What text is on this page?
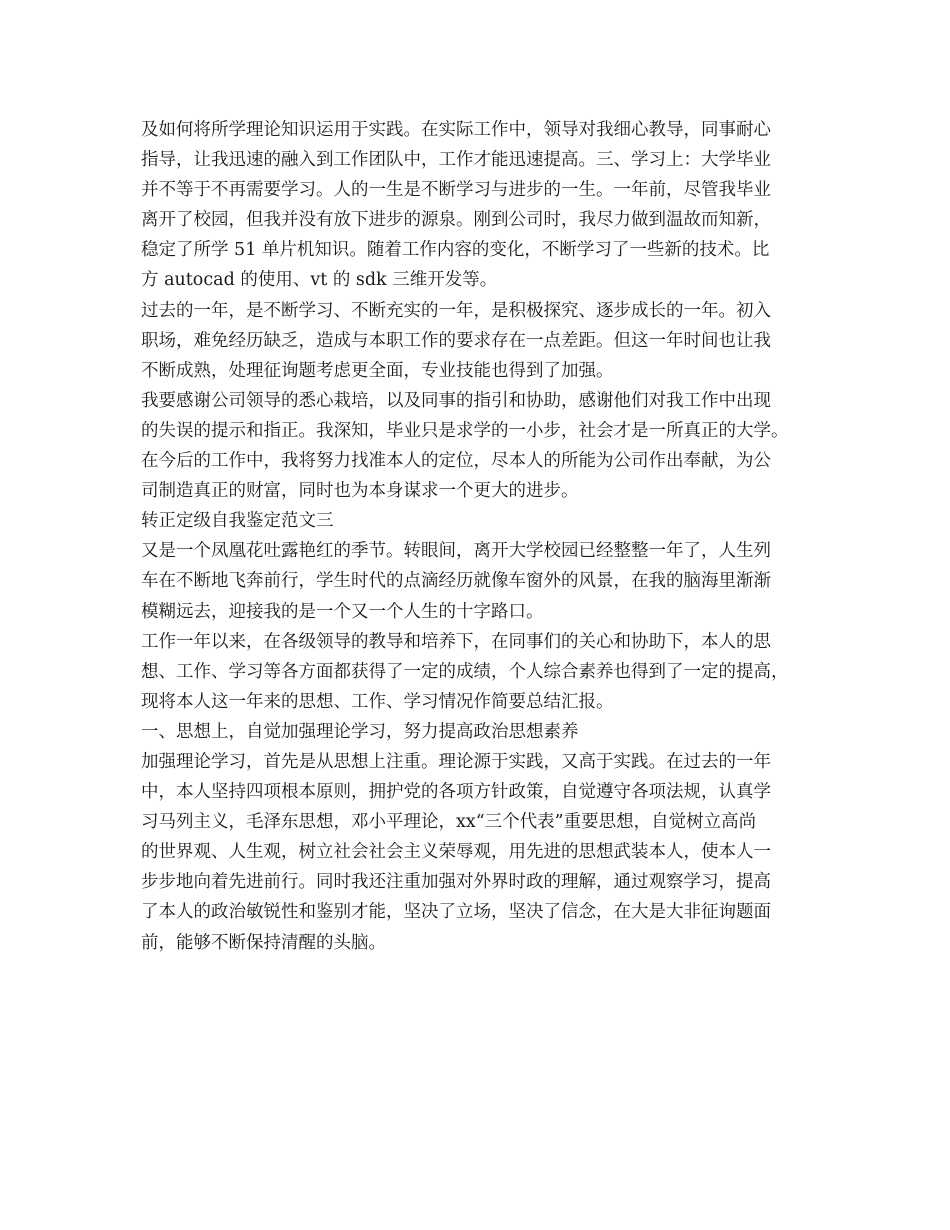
及如何将所学理论知识运用于实践。在实际工作中，领导对我细心教导，同事耐心
指导，让我迅速的融入到工作团队中，工作才能迅速提高。三、学习上：大学毕业
并不等于不再需要学习。人的一生是不断学习与进步的一生。一年前，尽管我毕业
离开了校园，但我并没有放下进步的源泉。刚到公司时，我尽力做到温故而知新，
稳定了所学 51 单片机知识。随着工作内容的变化，不断学习了一些新的技术。比
方 autocad 的使用、vt 的 sdk 三维开发等。

过去的一年，是不断学习、不断充实的一年，是积极探究、逐步成长的一年。初入
职场，难免经历缺乏，造成与本职工作的要求存在一点差距。但这一年时间也让我
不断成熟，处理征询题考虑更全面，专业技能也得到了加强。

我要感谢公司领导的悉心栽培，以及同事的指引和协助，感谢他们对我工作中出现
的失误的提示和指正。我深知，毕业只是求学的一小步，社会才是一所真正的大学。
在今后的工作中，我将努力找准本人的定位，尽本人的所能为公司作出奉献，为公
司制造真正的财富，同时也为本身谋求一个更大的进步。

转正定级自我鉴定范文三

又是一个凤凰花吐露艳红的季节。转眼间，离开大学校园已经整整一年了，人生列
车在不断地飞奔前行，学生时代的点滴经历就像车窗外的风景，在我的脑海里渐渐
模糊远去，迎接我的是一个又一个人生的十字路口。

工作一年以来，在各级领导的教导和培养下，在同事们的关心和协助下，本人的思
想、工作、学习等各方面都获得了一定的成绩，个人综合素养也得到了一定的提高，
现将本人这一年来的思想、工作、学习情况作简要总结汇报。

一、思想上，自觉加强理论学习，努力提高政治思想素养

加强理论学习，首先是从思想上注重。理论源于实践，又高于实践。在过去的一年
中，本人坚持四项根本原则，拥护党的各项方针政策，自觉遵守各项法规，认真学
习马列主义，毛泽东思想，邓小平理论，xx“三个代表”重要思想，自觉树立高尚
的世界观、人生观，树立社会社会主义荣辱观，用先进的思想武装本人，使本人一
步步地向着先进前行。同时我还注重加强对外界时政的理解，通过观察学习，提高
了本人的政治敏锐性和鉴别才能，坚决了立场，坚决了信念，在大是大非征询题面
前，能够不断保持清醒的头脑。
